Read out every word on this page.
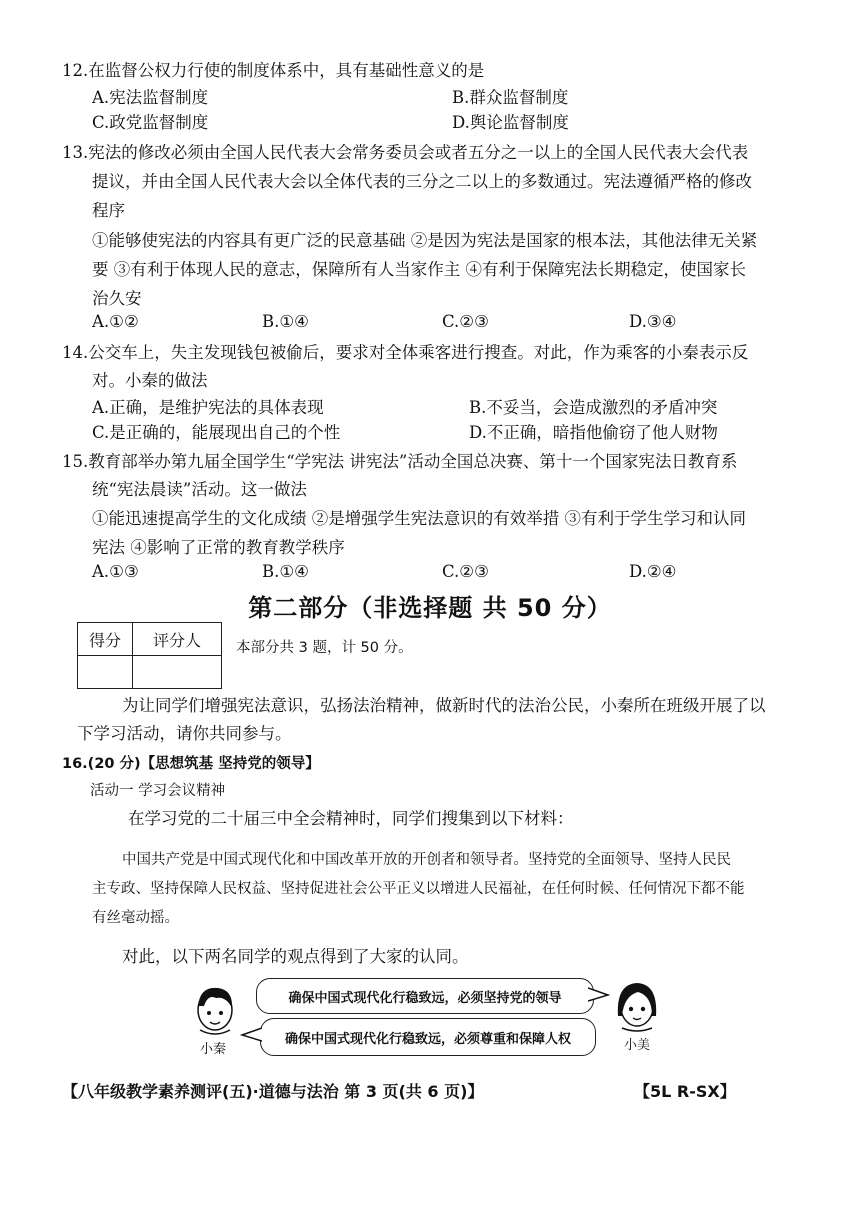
12.在监督公权力行使的制度体系中，具有基础性意义的是
A.宪法监督制度	B.群众监督制度
C.政党监督制度	D.舆论监督制度
13.宪法的修改必须由全国人民代表大会常务委员会或者五分之一以上的全国人民代表大会代表
提议，并由全国人民代表大会以全体代表的三分之二以上的多数通过。宪法遵循严格的修改
程序
①能够使宪法的内容具有更广泛的民意基础 ②是因为宪法是国家的根本法，其他法律无关紧
要 ③有利于体现人民的意志，保障所有人当家作主 ④有利于保障宪法长期稳定，使国家长
治久安
A.①②	B.①④	C.②③	D.③④
14.公交车上，失主发现钱包被偷后，要求对全体乘客进行搜查。对此，作为乘客的小秦表示反
对。小秦的做法
A.正确，是维护宪法的具体表现	B.不妥当，会造成激烈的矛盾冲突
C.是正确的，能展现出自己的个性	D.不正确，暗指他偷窃了他人财物
15.教育部举办第九届全国学生“学宪法 讲宪法”活动全国总决赛、第十一个国家宪法日教育系
统“宪法晨读”活动。这一做法
①能迅速提高学生的文化成绩 ②是增强学生宪法意识的有效举措 ③有利于学生学习和认同
宪法 ④影响了正常的教育教学秩序
A.①③	B.①④	C.②③	D.②④
第二部分（非选择题 共 50 分）
得分	评分人
	本部分共 3 题，计 50 分。
为让同学们增强宪法意识，弘扬法治精神，做新时代的法治公民，小秦所在班级开展了以
下学习活动，请你共同参与。
16.(20 分)【思想筑基 坚持党的领导】
活动一 学习会议精神
在学习党的二十届三中全会精神时，同学们搜集到以下材料：
中国共产党是中国式现代化和中国改革开放的开创者和领导者。坚持党的全面领导、坚持人民民
主专政、坚持保障人民权益、坚持促进社会公平正义以增进人民福祉，在任何时候、任何情况下都不能
有丝毫动摇。
对此，以下两名同学的观点得到了大家的认同。
小秦	小美
确保中国式现代化行稳致远，必须坚持党的领导
确保中国式现代化行稳致远，必须尊重和保障人权
【八年级教学素养测评(五)·道德与法治 第 3 页(共 6 页)】	【5L R-SX】
